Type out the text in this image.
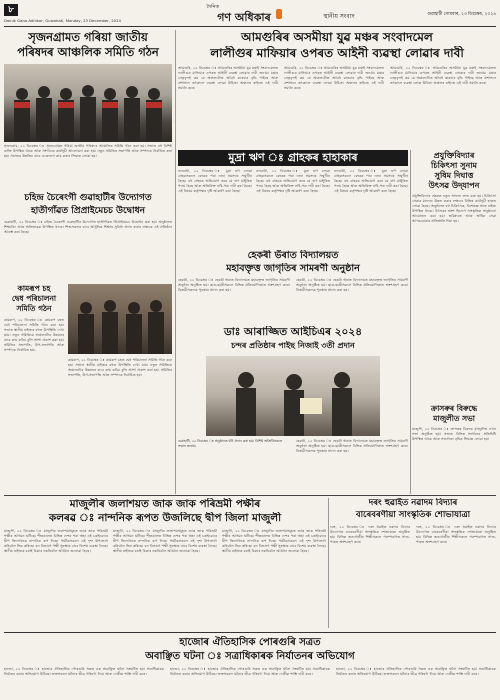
৮
Dainik Gana Adhikar, Guwahati, Monday, 23 December, 2024
দৈনিক
গণ অধিকাৰ	স্থানীয় সংবাদ	গুৱাহাটী সোমবাৰ, ২৩ ডিচেম্বৰ, ২০২৪
সৃজনগ্ৰামত গৰিয়া জাতীয়
পৰিষদৰ আঞ্চলিক সমিতি গঠন
সৃজনগ্ৰাম, ২২ ডিচেম্বৰ ঃ সৃজনগ্ৰামত গৰিয়া জাতীয় পৰিষদৰ আঞ্চলিক সমিতি গঠন কৰা হয়। সভাত বহু বিশিষ্ট ব্যক্তি উপস্থিত থাকে আৰু সংগঠনৰ কাৰ্যসূচী আলোচনা কৰা হয়। নতুন সমিতিৰ সভাপতি আৰু সম্পাদক নিৰ্বাচিত কৰা হয়। সমাজৰ উন্নতিৰ বাবে একেলগে কাম কৰাৰ সিদ্ধান্ত লোৱা হয়।
চহিন্দ্ৰ চৈৰেংগী গুৱাহাটীৰ উদ্যোগত
হাতীগাঁৱত প্ৰিপ্ৰাইমেচচ উদ্বোধন
গুৱাহাটী, ২২ ডিচেম্বৰ ঃ চহিন্দ্ৰ চৈৰেংগী গুৱাহাটীৰ উদ্যোগত হাতীগাঁৱত প্ৰিপ্ৰাইমেচচ উদ্বোধন কৰা হয়। অনুষ্ঠানত শিক্ষাবিদ আৰু অভিভাৱক উপস্থিত থাকে। শিশুসকলৰ বাবে আধুনিক শিক্ষাৰ সুবিধা প্ৰদান কৰাৰ লক্ষ্যৰে এই প্ৰতিষ্ঠান আৰম্ভ কৰা হৈছে।
আমগুৰিৰ অসমীয়া যুৱ মঞ্চৰ সংবাদমেল
লালীগুৰ মাফিয়াৰ ওপৰত আইনী ব্যৱস্থা লোৱাৰ দাবী
আমগুৰি, ২২ ডিচেম্বৰ ঃ আমগুৰিৰ অসমীয়া যুৱ মঞ্চই সংবাদমেলত লালীগুৰ মাফিয়াৰ ওপৰত আইনী ব্যৱস্থা লোৱাৰ দাবী জনায়। মঞ্চৰ নেতৃবৃন্দই কয় যে অঞ্চলটোত অবৈধ কাৰবাৰ বৃদ্ধি পাইছে আৰু প্ৰশাসনে তৎকালে ব্যৱস্থা লোৱা উচিত। অঞ্চলৰ ৰাইজে এই দাবী সমৰ্থন কৰে।
আমগুৰি, ২২ ডিচেম্বৰ ঃ আমগুৰিৰ অসমীয়া যুৱ মঞ্চই সংবাদমেলত লালীগুৰ মাফিয়াৰ ওপৰত আইনী ব্যৱস্থা লোৱাৰ দাবী জনায়। মঞ্চৰ নেতৃবৃন্দই কয় যে অঞ্চলটোত অবৈধ কাৰবাৰ বৃদ্ধি পাইছে আৰু প্ৰশাসনে তৎকালে ব্যৱস্থা লোৱা উচিত। অঞ্চলৰ ৰাইজে এই দাবী সমৰ্থন কৰে।
আমগুৰি, ২২ ডিচেম্বৰ ঃ আমগুৰিৰ অসমীয়া যুৱ মঞ্চই সংবাদমেলত লালীগুৰ মাফিয়াৰ ওপৰত আইনী ব্যৱস্থা লোৱাৰ দাবী জনায়। মঞ্চৰ নেতৃবৃন্দই কয় যে অঞ্চলটোত অবৈধ কাৰবাৰ বৃদ্ধি পাইছে আৰু প্ৰশাসনে তৎকালে ব্যৱস্থা লোৱা উচিত। অঞ্চলৰ ৰাইজে এই দাবী সমৰ্থন কৰে।
মুদ্ৰা ঋণ ঃ গ্ৰাহকৰ হাহাকাৰ
নলবাৰী, ২২ ডিচেম্বৰ ঃ মুদ্ৰা ঋণ লোৱা গ্ৰাহকসকলে বেংকৰ পৰা নানা সমস্যাৰ সন্মুখীন হৈছে। বহু গ্ৰাহকে অভিযোগ কৰে যে ঋণ মঞ্জুৰিত পলম হৈছে আৰু অতিৰিক্ত নথি-পত্ৰ দাবী কৰা হৈছে। এই বিষয়ে কৰ্তৃপক্ষৰ দৃষ্টি আকৰ্ষণ কৰা হৈছে।
নলবাৰী, ২২ ডিচেম্বৰ ঃ মুদ্ৰা ঋণ লোৱা গ্ৰাহকসকলে বেংকৰ পৰা নানা সমস্যাৰ সন্মুখীন হৈছে। বহু গ্ৰাহকে অভিযোগ কৰে যে ঋণ মঞ্জুৰিত পলম হৈছে আৰু অতিৰিক্ত নথি-পত্ৰ দাবী কৰা হৈছে। এই বিষয়ে কৰ্তৃপক্ষৰ দৃষ্টি আকৰ্ষণ কৰা হৈছে।
নলবাৰী, ২২ ডিচেম্বৰ ঃ মুদ্ৰা ঋণ লোৱা গ্ৰাহকসকলে বেংকৰ পৰা নানা সমস্যাৰ সন্মুখীন হৈছে। বহু গ্ৰাহকে অভিযোগ কৰে যে ঋণ মঞ্জুৰিত পলম হৈছে আৰু অতিৰিক্ত নথি-পত্ৰ দাবী কৰা হৈছে। এই বিষয়ে কৰ্তৃপক্ষৰ দৃষ্টি আকৰ্ষণ কৰা হৈছে।
প্ৰযুক্তিবিদ্যাৰ
চিকিৎসা সুনাম
সুষিম দিঘাত্ত
উৎসৱ উদ্‌যাপন
প্ৰযুক্তিবিদ্যাৰ ক্ষেত্ৰত নতুন সাফল্য লাভ কৰা হয়। চিকিৎসা সেৱাৰ মানদণ্ড উন্নত কৰাৰ লক্ষ্যৰে বিভিন্ন কাৰ্যসূচী হাতত লোৱা হৈছে। অনুষ্ঠানত বহু চিকিৎসক, বিশেষজ্ঞ আৰু ৰাইজ উপস্থিত থাকে। উৎসৱৰ অংশ হিচাপে সাংস্কৃতিক অনুষ্ঠানো আয়োজন কৰা হয়। ভৱিষ্যতে আৰু অধিক সেৱা আগবঢ়োৱাৰ প্ৰতিশ্ৰুতি দিয়া হয়।
কামৰূপ চহ
দ্বেধ পৰিচালনা
সমিতি গঠন
কামৰূপ, ২২ ডিচেম্বৰ ঃ কামৰূপ চহত দ্বেধ পৰিচালনা সমিতি গঠন কৰা হয়। সভাত স্থানীয় ৰাইজৰ বহুল উপস্থিতি দেখা যায়। নতুন সমিতিয়ে অঞ্চলটোৰ উন্নয়নৰ বাবে কাম কৰিব বুলি আশা প্ৰকাশ কৰা হয়। সমিতিৰ সভাপতি, উপ-সভাপতি আৰু সম্পাদক নিৰ্বাচিত হয়।
কামৰূপ, ২২ ডিচেম্বৰ ঃ কামৰূপ চহত দ্বেধ পৰিচালনা সমিতি গঠন কৰা হয়। সভাত স্থানীয় ৰাইজৰ বহুল উপস্থিতি দেখা যায়। নতুন সমিতিয়ে অঞ্চলটোৰ উন্নয়নৰ বাবে কাম কৰিব বুলি আশা প্ৰকাশ কৰা হয়। সমিতিৰ সভাপতি, উপ-সভাপতি আৰু সম্পাদক নিৰ্বাচিত হয়।
হেকৰী ভঁৰাত বিদ্যালয়ত
মহাবক্তৃত্ত জাগৃতিৰ সামৰণী অনুষ্ঠান
হেকৰী, ২২ ডিচেম্বৰ ঃ হেকৰী ভঁৰাত বিদ্যালয়ত মহাবক্তৃত্ত জাগৃতিৰ সামৰণী অনুষ্ঠান অনুষ্ঠিত হয়। ছাত্ৰ-ছাত্ৰীসকলে বিভিন্ন প্ৰতিযোগিতাত অংশগ্ৰহণ কৰে। বিজয়ীসকলক পুৰস্কাৰ প্ৰদান কৰা হয়।
হেকৰী, ২২ ডিচেম্বৰ ঃ হেকৰী ভঁৰাত বিদ্যালয়ত মহাবক্তৃত্ত জাগৃতিৰ সামৰণী অনুষ্ঠান অনুষ্ঠিত হয়। ছাত্ৰ-ছাত্ৰীসকলে বিভিন্ন প্ৰতিযোগিতাত অংশগ্ৰহণ কৰে। বিজয়ীসকলক পুৰস্কাৰ প্ৰদান কৰা হয়।
ডাঃ আৰাজ্জিত আইচিএৰ ২০২৪
চন্দৰ প্ৰতিষ্ঠাৰ পাইছ নিজাই ৩তী প্ৰদান
গুৱাহাটী, ২২ ডিচেম্বৰ ঃ অনুষ্ঠানত বঁটা প্ৰদান কৰা হয়। বিশিষ্ট অতিথিসকলে সন্মান জনায়।
হেকৰী, ২২ ডিচেম্বৰ ঃ হেকৰী ভঁৰাত বিদ্যালয়ত মহাবক্তৃত্ত জাগৃতিৰ সামৰণী অনুষ্ঠান অনুষ্ঠিত হয়। ছাত্ৰ-ছাত্ৰীসকলে বিভিন্ন প্ৰতিযোগিতাত অংশগ্ৰহণ কৰে। বিজয়ীসকলক পুৰস্কাৰ প্ৰদান কৰা হয়।
ক্ৰাসৰুৰ বিৰুদ্ধে
মাজুলীত সভা
মাজুলী, ২২ ডিচেম্বৰ ঃ ক্ৰাসৰুৰ বিৰুদ্ধে মাজুলীত এখন সভা অনুষ্ঠিত হয়। সভাত বিভিন্ন সংগঠনৰ প্ৰতিনিধি উপস্থিত থাকে আৰু সজাগতা বৃদ্ধিৰ সিদ্ধান্ত লোৱা হয়।
মাজুলীৰ জলাশয়ত জাক জাক পৰিভ্ৰমী পক্ষীৰ
কলৰৱ ঃ নান্দনিক ৰূপত উজলিছে দ্বীপ জিলা মাজুলী
মাজুলী, ২২ ডিচেম্বৰ ঃ মাজুলীৰ জলাশয়সমূহত জাক জাক পৰিভ্ৰমী পক্ষীৰ আগমন ঘটিছে। শীতকালত বিভিন্ন দেশৰ পৰা অহা এই চৰাইবোৰে দ্বীপ জিলাখনক নান্দনিক ৰূপ দিছে। পৰ্যটকসকলে এই দৃশ্য উপভোগ কৰিবলৈ ভিৰ কৰিছে। বন বিভাগে পক্ষী সুৰক্ষাৰ বাবে বিশেষ ব্যৱস্থা লৈছে। স্থানীয় ৰাইজক চৰাই চিকাৰ নকৰিবলৈ আহ্বান জনোৱা হৈছে।
মাজুলী, ২২ ডিচেম্বৰ ঃ মাজুলীৰ জলাশয়সমূহত জাক জাক পৰিভ্ৰমী পক্ষীৰ আগমন ঘটিছে। শীতকালত বিভিন্ন দেশৰ পৰা অহা এই চৰাইবোৰে দ্বীপ জিলাখনক নান্দনিক ৰূপ দিছে। পৰ্যটকসকলে এই দৃশ্য উপভোগ কৰিবলৈ ভিৰ কৰিছে। বন বিভাগে পক্ষী সুৰক্ষাৰ বাবে বিশেষ ব্যৱস্থা লৈছে। স্থানীয় ৰাইজক চৰাই চিকাৰ নকৰিবলৈ আহ্বান জনোৱা হৈছে।
মাজুলী, ২২ ডিচেম্বৰ ঃ মাজুলীৰ জলাশয়সমূহত জাক জাক পৰিভ্ৰমী পক্ষীৰ আগমন ঘটিছে। শীতকালত বিভিন্ন দেশৰ পৰা অহা এই চৰাইবোৰে দ্বীপ জিলাখনক নান্দনিক ৰূপ দিছে। পৰ্যটকসকলে এই দৃশ্য উপভোগ কৰিবলৈ ভিৰ কৰিছে। বন বিভাগে পক্ষী সুৰক্ষাৰ বাবে বিশেষ ব্যৱস্থা লৈছে। স্থানীয় ৰাইজক চৰাই চিকাৰ নকৰিবলৈ আহ্বান জনোৱা হৈছে।
দৰং হুৱাইত নৱাদম বিদ্যাৰ
বাৰেবৰণীয়া সাংস্কৃতিক শোভাযাত্ৰা
দৰং, ২২ ডিচেম্বৰ ঃ দৰং হুৱাইত নৱাদম বিদ্যাৰ উদ্যোগত বাৰেবৰণীয়া সাংস্কৃতিক শোভাযাত্ৰা অনুষ্ঠিত হয়। বিভিন্ন জনগোষ্ঠীৰ শিল্পীসকলে পৰম্পৰাগত সাজ-পাৰত অংশগ্ৰহণ কৰে।
দৰং, ২২ ডিচেম্বৰ ঃ দৰং হুৱাইত নৱাদম বিদ্যাৰ উদ্যোগত বাৰেবৰণীয়া সাংস্কৃতিক শোভাযাত্ৰা অনুষ্ঠিত হয়। বিভিন্ন জনগোষ্ঠীৰ শিল্পীসকলে পৰম্পৰাগত সাজ-পাৰত অংশগ্ৰহণ কৰে।
হাজোৰ ঐতিহাসিক পোৰগুৰি সত্ৰত
অবাঞ্ছিত ঘটনা ঃ সত্ৰাধিকাৰক নিৰ্যাতনৰ অভিযোগ
হাজো, ২২ ডিচেম্বৰ ঃ হাজোৰ ঐতিহাসিক পোৰগুৰি সত্ৰত এক অবাঞ্ছিত ঘটনা সংঘটিত হয়। সত্ৰাধিকাৰক নিৰ্যাতন কৰাৰ অভিযোগ উঠিছে। ভক্তসকলে ঘটনাৰ তীব্ৰ গৰিহণা দিয়ে আৰু দোষীক শাস্তি দাবী কৰে।
হাজো, ২২ ডিচেম্বৰ ঃ হাজোৰ ঐতিহাসিক পোৰগুৰি সত্ৰত এক অবাঞ্ছিত ঘটনা সংঘটিত হয়। সত্ৰাধিকাৰক নিৰ্যাতন কৰাৰ অভিযোগ উঠিছে। ভক্তসকলে ঘটনাৰ তীব্ৰ গৰিহণা দিয়ে আৰু দোষীক শাস্তি দাবী কৰে।
হাজো, ২২ ডিচেম্বৰ ঃ হাজোৰ ঐতিহাসিক পোৰগুৰি সত্ৰত এক অবাঞ্ছিত ঘটনা সংঘটিত হয়। সত্ৰাধিকাৰক নিৰ্যাতন কৰাৰ অভিযোগ উঠিছে। ভক্তসকলে ঘটনাৰ তীব্ৰ গৰিহণা দিয়ে আৰু দোষীক শাস্তি দাবী কৰে।
